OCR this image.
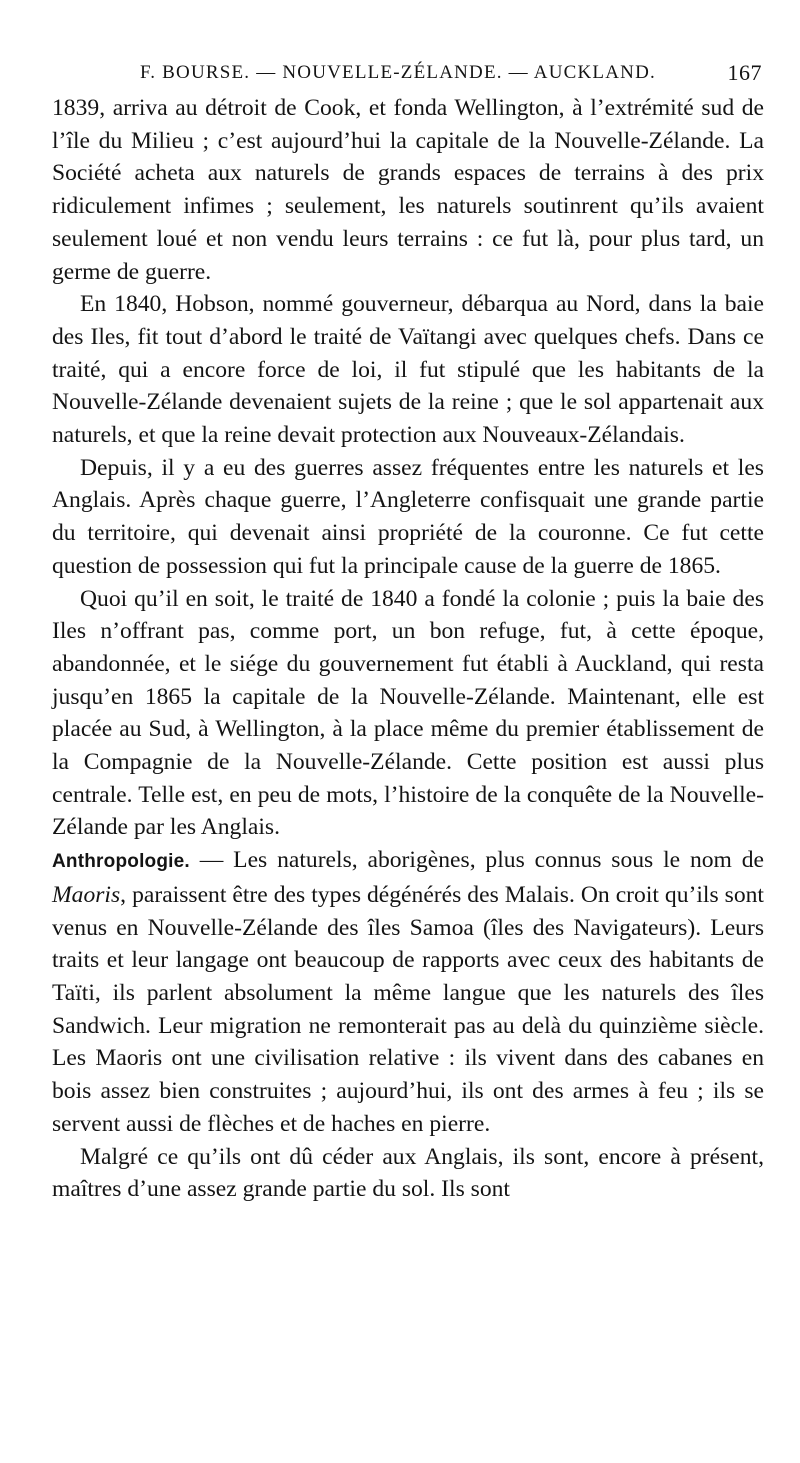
F. BOURSE. — NOUVELLE-ZÉLANDE. — AUCKLAND.	167

1839, arriva au détroit de Cook, et fonda Wellington, à l’extrémité sud de l’île du Milieu ; c’est aujourd’hui la capitale de la Nouvelle-Zélande. La Société acheta aux naturels de grands espaces de terrains à des prix ridiculement infimes ; seulement, les naturels soutinrent qu’ils avaient seulement loué et non vendu leurs terrains : ce fut là, pour plus tard, un germe de guerre.

En 1840, Hobson, nommé gouverneur, débarqua au Nord, dans la baie des Iles, fit tout d’abord le traité de Vaïtangi avec quelques chefs. Dans ce traité, qui a encore force de loi, il fut stipulé que les habitants de la Nouvelle-Zélande devenaient sujets de la reine ; que le sol appartenait aux naturels, et que la reine devait protection aux Nouveaux-Zélandais.

Depuis, il y a eu des guerres assez fréquentes entre les naturels et les Anglais. Après chaque guerre, l’Angleterre confisquait une grande partie du territoire, qui devenait ainsi propriété de la couronne. Ce fut cette question de possession qui fut la principale cause de la guerre de 1865.

Quoi qu’il en soit, le traité de 1840 a fondé la colonie ; puis la baie des Iles n’offrant pas, comme port, un bon refuge, fut, à cette époque, abandonnée, et le siége du gouvernement fut établi à Auckland, qui resta jusqu’en 1865 la capitale de la Nouvelle-Zélande. Maintenant, elle est placée au Sud, à Wellington, à la place même du premier établissement de la Compagnie de la Nouvelle-Zélande. Cette position est aussi plus centrale. Telle est, en peu de mots, l’histoire de la conquête de la Nouvelle-Zélande par les Anglais.

Anthropologie. — Les naturels, aborigènes, plus connus sous le nom de Maoris, paraissent être des types dégénérés des Malais. On croit qu’ils sont venus en Nouvelle-Zélande des îles Samoa (îles des Navigateurs). Leurs traits et leur langage ont beaucoup de rapports avec ceux des habitants de Taïti, ils parlent absolument la même langue que les naturels des îles Sandwich. Leur migration ne remonterait pas au delà du quinzième siècle. Les Maoris ont une civilisation relative : ils vivent dans des cabanes en bois assez bien construites ; aujourd’hui, ils ont des armes à feu ; ils se servent aussi de flèches et de haches en pierre.

Malgré ce qu’ils ont dû céder aux Anglais, ils sont, encore à présent, maîtres d’une assez grande partie du sol. Ils sont
